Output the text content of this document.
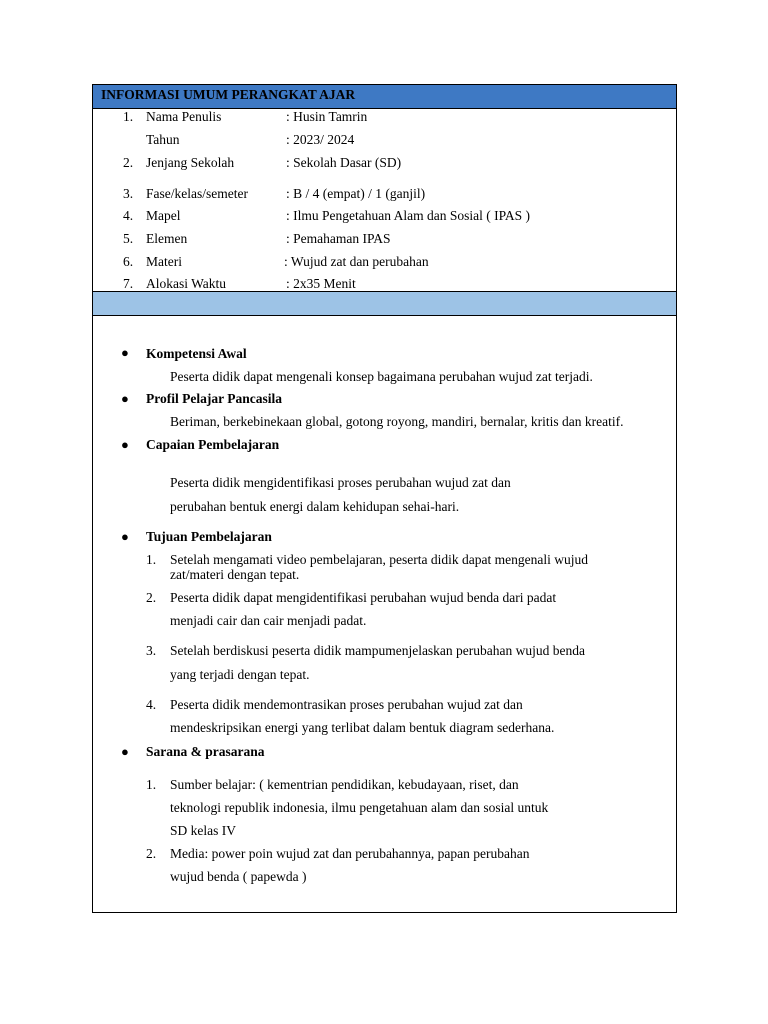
INFORMASI UMUM PERANGKAT AJAR
1. Nama Penulis	: Husin Tamrin
Tahun	: 2023/ 2024
2. Jenjang Sekolah	: Sekolah Dasar (SD)
3. Fase/kelas/semeter	: B / 4 (empat) / 1 (ganjil)
4. Mapel	: Ilmu Pengetahuan Alam dan Sosial ( IPAS )
5. Elemen	: Pemahaman IPAS
6. Materi	: Wujud zat dan perubahan
7. Alokasi Waktu	: 2x35 Menit
● Kompetensi Awal
Peserta didik dapat mengenali konsep bagaimana perubahan wujud zat terjadi.
● Profil Pelajar Pancasila
Beriman, berkebinekaan global, gotong royong, mandiri, bernalar, kritis dan kreatif.
● Capaian Pembelajaran
Peserta didik mengidentifikasi proses perubahan wujud zat dan
perubahan bentuk energi dalam kehidupan sehai-hari.
● Tujuan Pembelajaran
1. Setelah mengamati video pembelajaran, peserta didik dapat mengenali wujud
zat/materi dengan tepat.
2. Peserta didik dapat mengidentifikasi perubahan wujud benda dari padat
menjadi cair dan cair menjadi padat.
3. Setelah berdiskusi peserta didik mampumenjelaskan perubahan wujud benda
yang terjadi dengan tepat.
4. Peserta didik mendemontrasikan proses perubahan wujud zat dan
mendeskripsikan energi yang terlibat dalam bentuk diagram sederhana.
● Sarana & prasarana
1. Sumber belajar: ( kementrian pendidikan, kebudayaan, riset, dan
teknologi republik indonesia, ilmu pengetahuan alam dan sosial untuk
SD kelas IV
2. Media: power poin wujud zat dan perubahannya, papan perubahan
wujud benda ( papewda )
